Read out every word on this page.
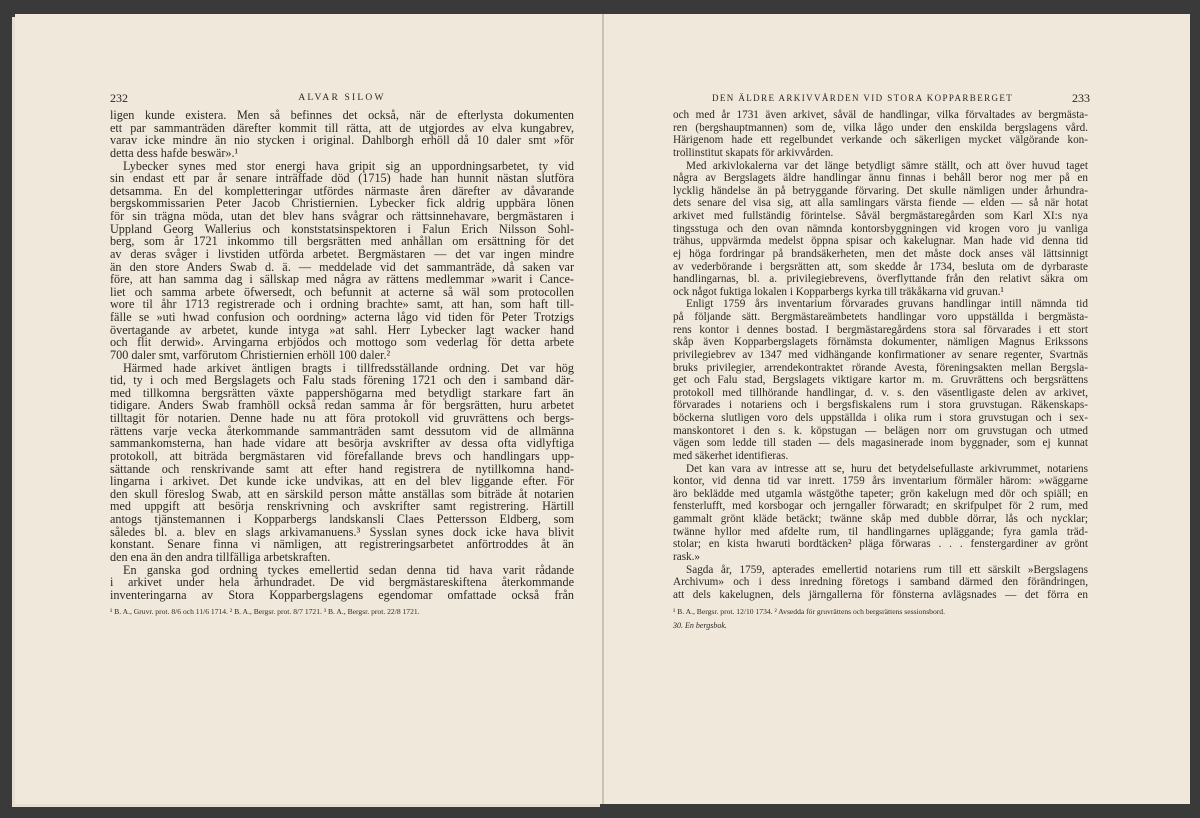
232	ALVAR SILOW
ligen kunde existera. Men så befinnes det också, när de efterlysta dokumenten
ett par sammanträden därefter kommit till rätta, att de utgjordes av elva kungabrev,
varav icke mindre än nio stycken i original. Dahlborgh erhöll då 10 daler smt »för
detta dess hafde beswär».¹
Lybecker synes med stor energi hava gripit sig an uppordningsarbetet, ty vid
sin endast ett par år senare inträffade död (1715) hade han hunnit nästan slutföra
detsamma. En del kompletteringar utfördes närmaste åren därefter av dåvarande
bergskommissarien Peter Jacob Christiernien. Lybecker fick aldrig uppbära lönen
för sin trägna möda, utan det blev hans svågrar och rättsinnehavare, bergmästaren i
Uppland Georg Wallerius och konststatsinspektoren i Falun Erich Nilsson Sohl-
berg, som år 1721 inkommo till bergsrätten med anhållan om ersättning för det
av deras svåger i livstiden utförda arbetet. Bergmästaren — det var ingen mindre
än den store Anders Swab d. ä. — meddelade vid det sammanträde, då saken var
före, att han samma dag i sällskap med några av rättens medlemmar »warit i Cance-
liet och samma arbete öfwersedt, och befunnit at acterne så wäl som protocollen
wore til åhr 1713 registrerade och i ordning brachte» samt, att han, som haft till-
fälle se »uti hwad confusion och oordning» acterna lågo vid tiden för Peter Trotzigs
övertagande av arbetet, kunde intyga »at sahl. Herr Lybecker lagt wacker hand
och flit derwid». Arvingarna erbjödos och mottogo som vederlag för detta arbete
700 daler smt, varförutom Christiernien erhöll 100 daler.²
Härmed hade arkivet äntligen bragts i tillfredsställande ordning. Det var hög
tid, ty i och med Bergslagets och Falu stads förening 1721 och den i samband där-
med tillkomna bergsrätten växte pappershögarna med betydligt starkare fart än
tidigare. Anders Swab framhöll också redan samma år för bergsrätten, huru arbetet
tilltagit för notarien. Denne hade nu att föra protokoll vid gruvrättens och bergs-
rättens varje vecka återkommande sammanträden samt dessutom vid de allmänna
sammankomsterna, han hade vidare att besörja avskrifter av dessa ofta vidlyftiga
protokoll, att biträda bergmästaren vid förefallande brevs och handlingars upp-
sättande och renskrivande samt att efter hand registrera de nytillkomna hand-
lingarna i arkivet. Det kunde icke undvikas, att en del blev liggande efter. För
den skull föreslog Swab, att en särskild person måtte anställas som biträde åt notarien
med uppgift att besörja renskrivning och avskrifter samt registrering. Härtill
antogs tjänstemannen i Kopparbergs landskansli Claes Pettersson Eldberg, som
således bl. a. blev en slags arkivamanuens.³ Sysslan synes dock icke hava blivit
konstant. Senare finna vi nämligen, att registreringsarbetet anförtroddes åt än
den ena än den andra tillfälliga arbetskraften.
En ganska god ordning tyckes emellertid sedan denna tid hava varit rådande
i arkivet under hela århundradet. De vid bergmästareskiftena återkommande
inventeringarna av Stora Kopparbergslagens egendomar omfattade också från
¹ B. A., Gruvr. prot. 8/6 och 11/6 1714. ² B. A., Bergsr. prot. 8/7 1721. ³ B. A., Bergsr. prot. 22/8 1721.
DEN ÄLDRE ARKIVVÅRDEN VID STORA KOPPARBERGET	233
och med år 1731 även arkivet, såväl de handlingar, vilka förvaltades av bergmästa-
ren (bergshauptmannen) som de, vilka lågo under den enskilda bergslagens vård.
Härigenom hade ett regelbundet verkande och säkerligen mycket välgörande kon-
trollinstitut skapats för arkivvården.
Med arkivlokalerna var det länge betydligt sämre ställt, och att över huvud taget
några av Bergslagets äldre handlingar ännu finnas i behåll beror nog mer på en
lycklig händelse än på betryggande förvaring. Det skulle nämligen under århundra-
dets senare del visa sig, att alla samlingars värsta fiende — elden — så när hotat
arkivet med fullständig förintelse. Såväl bergmästaregården som Karl XI:s nya
tingsstuga och den ovan nämnda kontorsbyggningen vid krogen voro ju vanliga
trähus, uppvärmda medelst öppna spisar och kakelugnar. Man hade vid denna tid
ej höga fordringar på brandsäkerheten, men det måste dock anses väl lättsinnigt
av vederbörande i bergsrätten att, som skedde år 1734, besluta om de dyrbaraste
handlingarnas, bl. a. privilegiebrevens, överflyttande från den relativt säkra om
ock något fuktiga lokalen i Kopparbergs kyrka till träkåkarna vid gruvan.¹
Enligt 1759 års inventarium förvarades gruvans handlingar intill nämnda tid
på följande sätt. Bergmästareämbetets handlingar voro uppställda i bergmästa-
rens kontor i dennes bostad. I bergmästaregårdens stora sal förvarades i ett stort
skåp även Kopparbergslagets förnämsta dokumenter, nämligen Magnus Erikssons
privilegiebrev av 1347 med vidhängande konfirmationer av senare regenter, Svartnäs
bruks privilegier, arrendekontraktet rörande Avesta, föreningsakten mellan Bergsla-
get och Falu stad, Bergslagets viktigare kartor m. m. Gruvrättens och bergsrättens
protokoll med tillhörande handlingar, d. v. s. den väsentligaste delen av arkivet,
förvarades i notariens och i bergsfiskalens rum i stora gruvstugan. Räkenskaps-
böckerna slutligen voro dels uppställda i olika rum i stora gruvstugan och i sex-
manskontoret i den s. k. köpstugan — belägen norr om gruvstugan och utmed
vägen som ledde till staden — dels magasinerade inom byggnader, som ej kunnat
med säkerhet identifieras.
Det kan vara av intresse att se, huru det betydelsefullaste arkivrummet, notariens
kontor, vid denna tid var inrett. 1759 års inventarium förmäler härom: »wäggarne
äro beklädde med utgamla wästgöthe tapeter; grön kakelugn med dör och spiäll; en
fensterlufft, med korsbogar och jerngaller förwaradt; en skrifpulpet för 2 rum, med
gammalt grönt kläde betäckt; twänne skåp med dubble dörrar, lås och nycklar;
twänne hyllor med afdelte rum, til handlingarnes upläggande; fyra gamla träd-
stolar; en kista hwaruti bordtäcken² pläga förwaras . . . fenstergardiner av grönt
rask.»
Sagda år, 1759, apterades emellertid notariens rum till ett särskilt »Bergslagens
Archivum» och i dess inredning företogs i samband därmed den förändringen,
att dels kakelugnen, dels järngallerna för fönsterna avlägsnades — det förra en
¹ B. A., Bergsr. prot. 12/10 1734. ² Avsedda för gruvrättens och bergsrättens sessionsbord.
30. En bergsbok.
